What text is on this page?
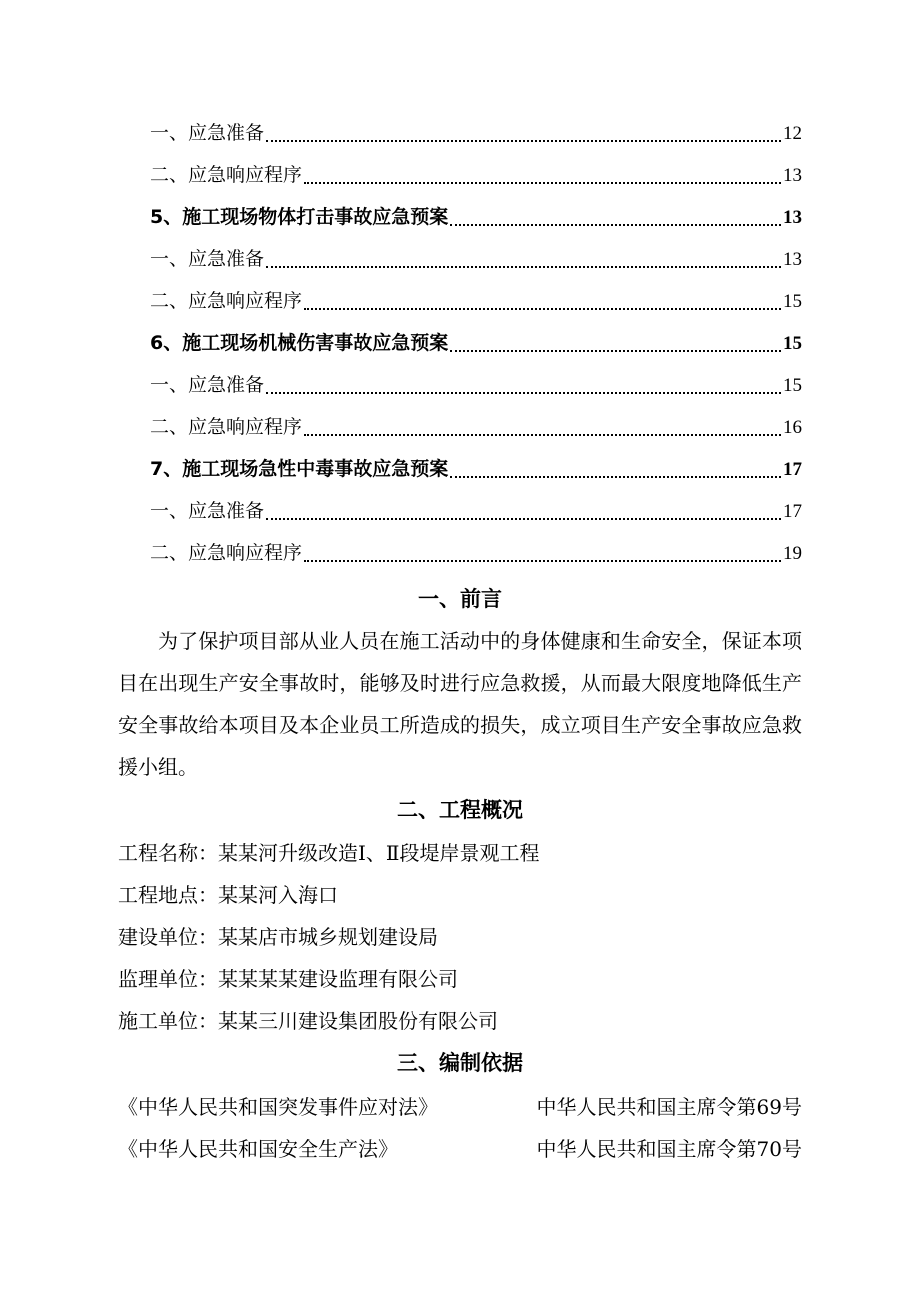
一、应急准备	12
二、应急响应程序	13
5、施工现场物体打击事故应急预案	13
一、应急准备	13
二、应急响应程序	15
6、施工现场机械伤害事故应急预案	15
一、应急准备	15
二、应急响应程序	16
7、施工现场急性中毒事故应急预案	17
一、应急准备	17
二、应急响应程序	19
一、前言

为了保护项目部从业人员在施工活动中的身体健康和生命安全，保证本项目在出现生产安全事故时，能够及时进行应急救援，从而最大限度地降低生产安全事故给本项目及本企业员工所造成的损失，成立项目生产安全事故应急救援小组。

二、工程概况
工程名称：某某河升级改造Ⅰ、Ⅱ段堤岸景观工程
工程地点：某某河入海口
建设单位：某某店市城乡规划建设局
监理单位：某某某某建设监理有限公司
施工单位：某某三川建设集团股份有限公司
三、编制依据
《中华人民共和国突发事件应对法》	中华人民共和国主席令第69号
《中华人民共和国安全生产法》	中华人民共和国主席令第70号
